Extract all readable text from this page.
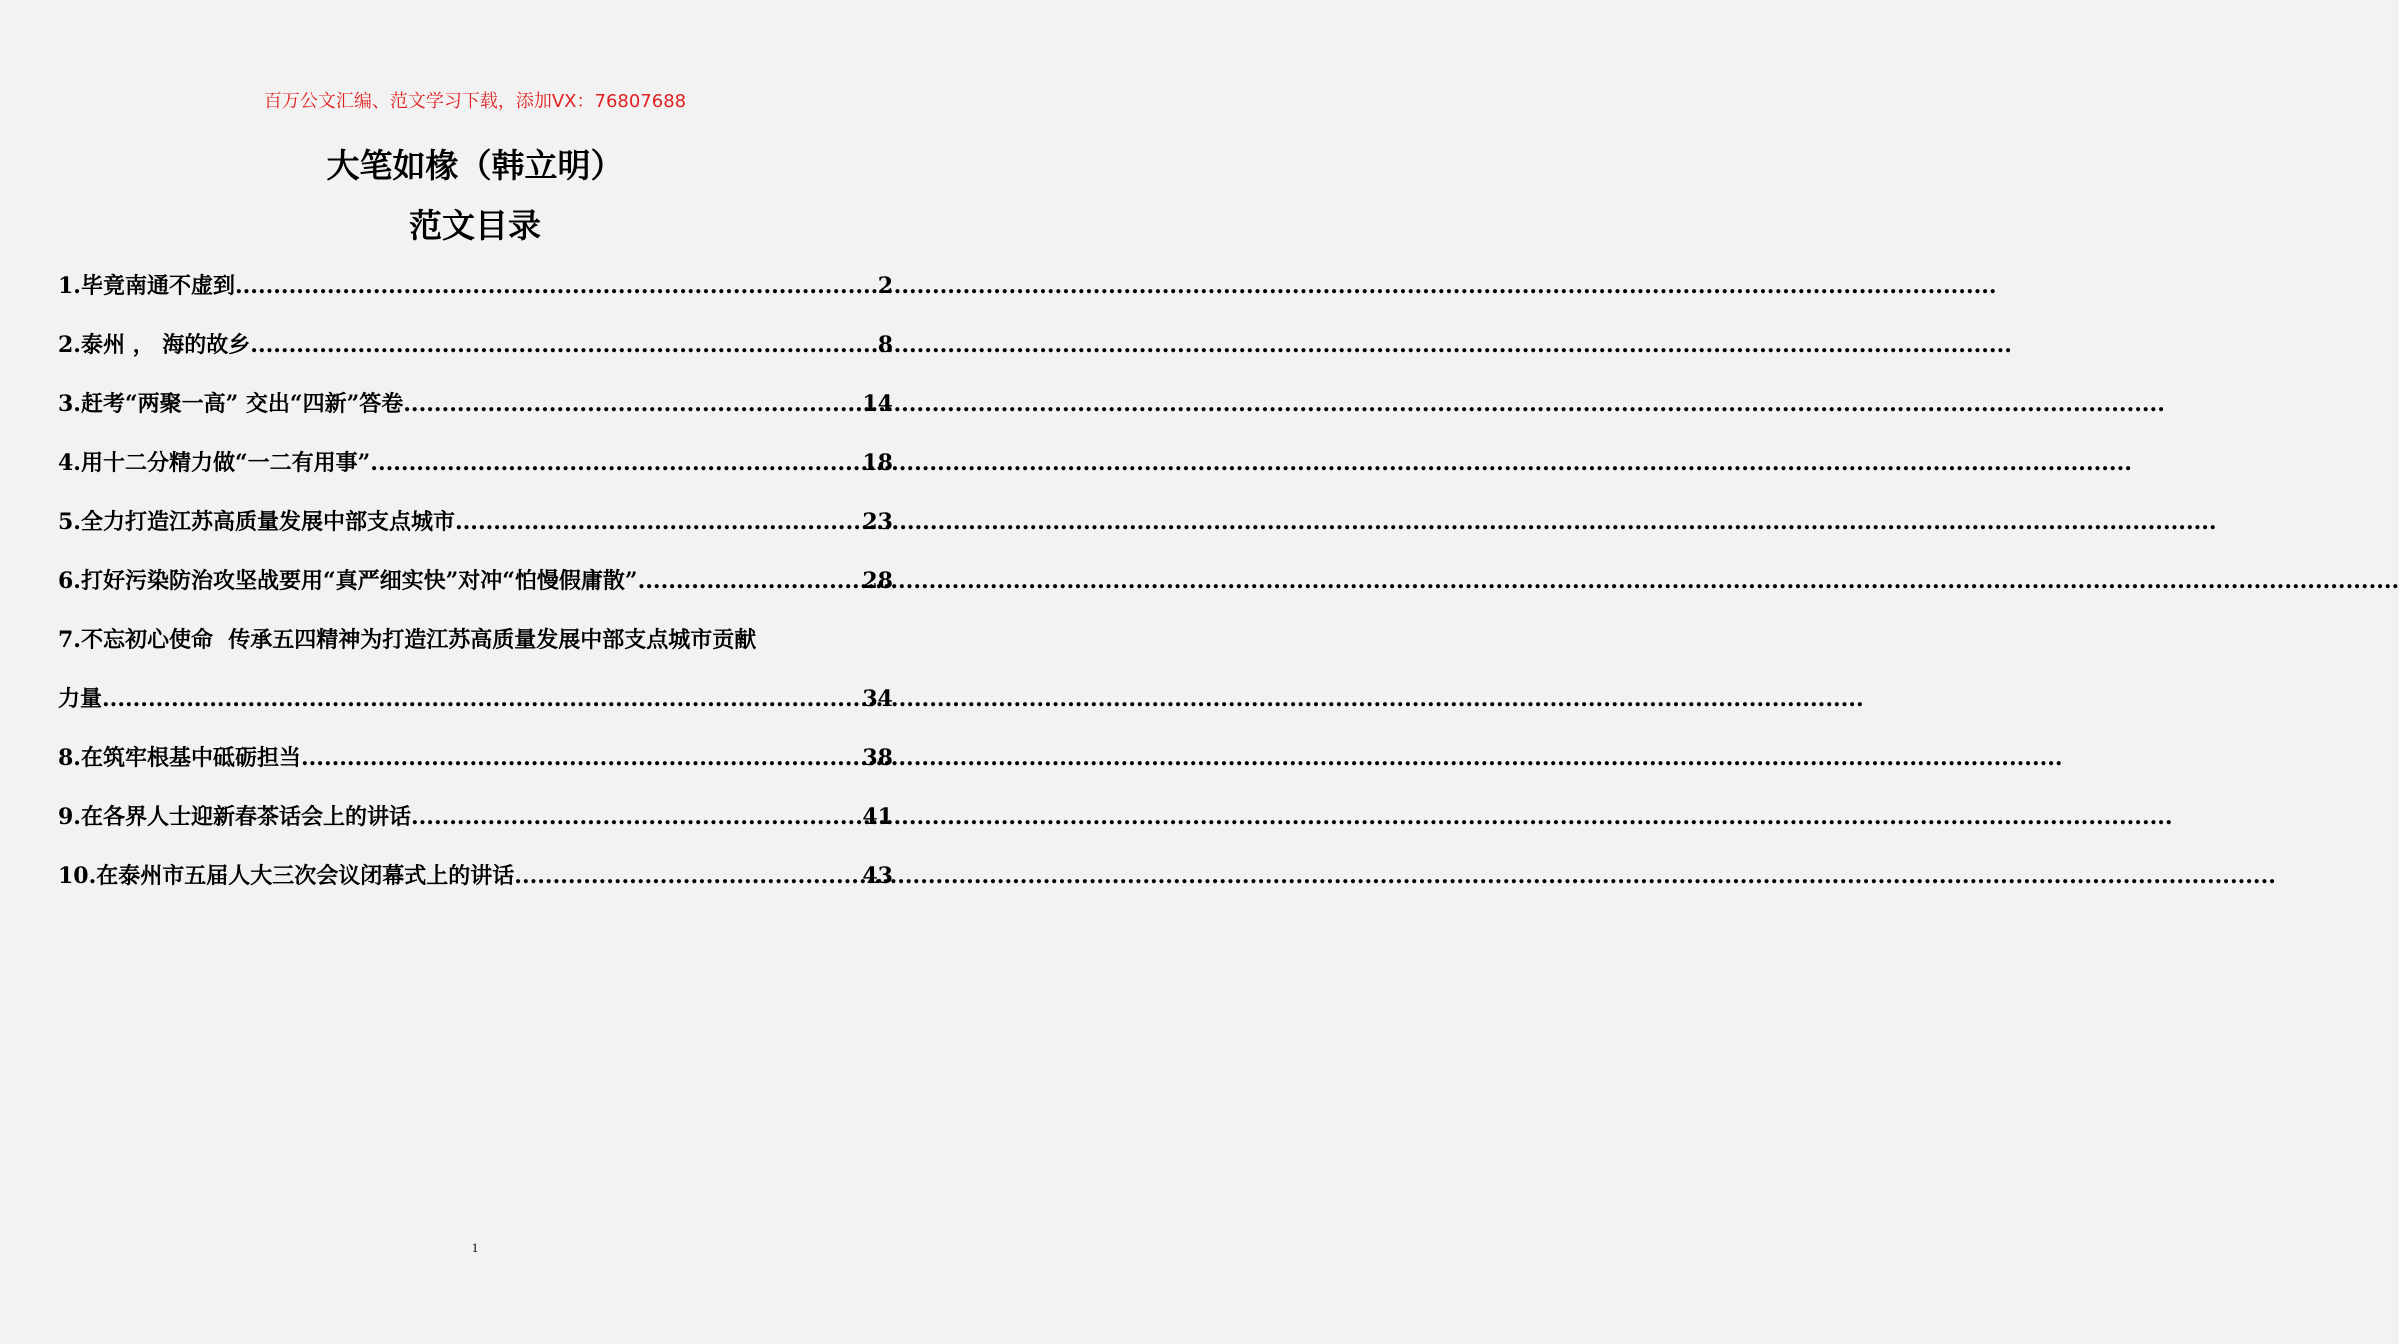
百万公文汇编、范文学习下载，添加VX：76807688
大笔如椽（韩立明）
范文目录
1.毕竟南通不虚到 .....	2
2.泰州 ， 海的故乡 .....	8
3.赶考“两聚一高” 交出“四新”答卷 .....	14
4.用十二分精力做“一二有用事” .....	18
5.全力打造江苏高质量发展中部支点城市 .....	23
6.打好污染防治攻坚战要用“真严细实快”对冲“怕慢假庸散” .....	28
7.不忘初心使命  传承五四精神为打造江苏高质量发展中部支点城市贡献
力量 .....	34
8.在筑牢根基中砥砺担当 .....	38
9.在各界人士迎新春茶话会上的讲话 .....	41
10.在泰州市五届人大三次会议闭幕式上的讲话 .....	43
1
